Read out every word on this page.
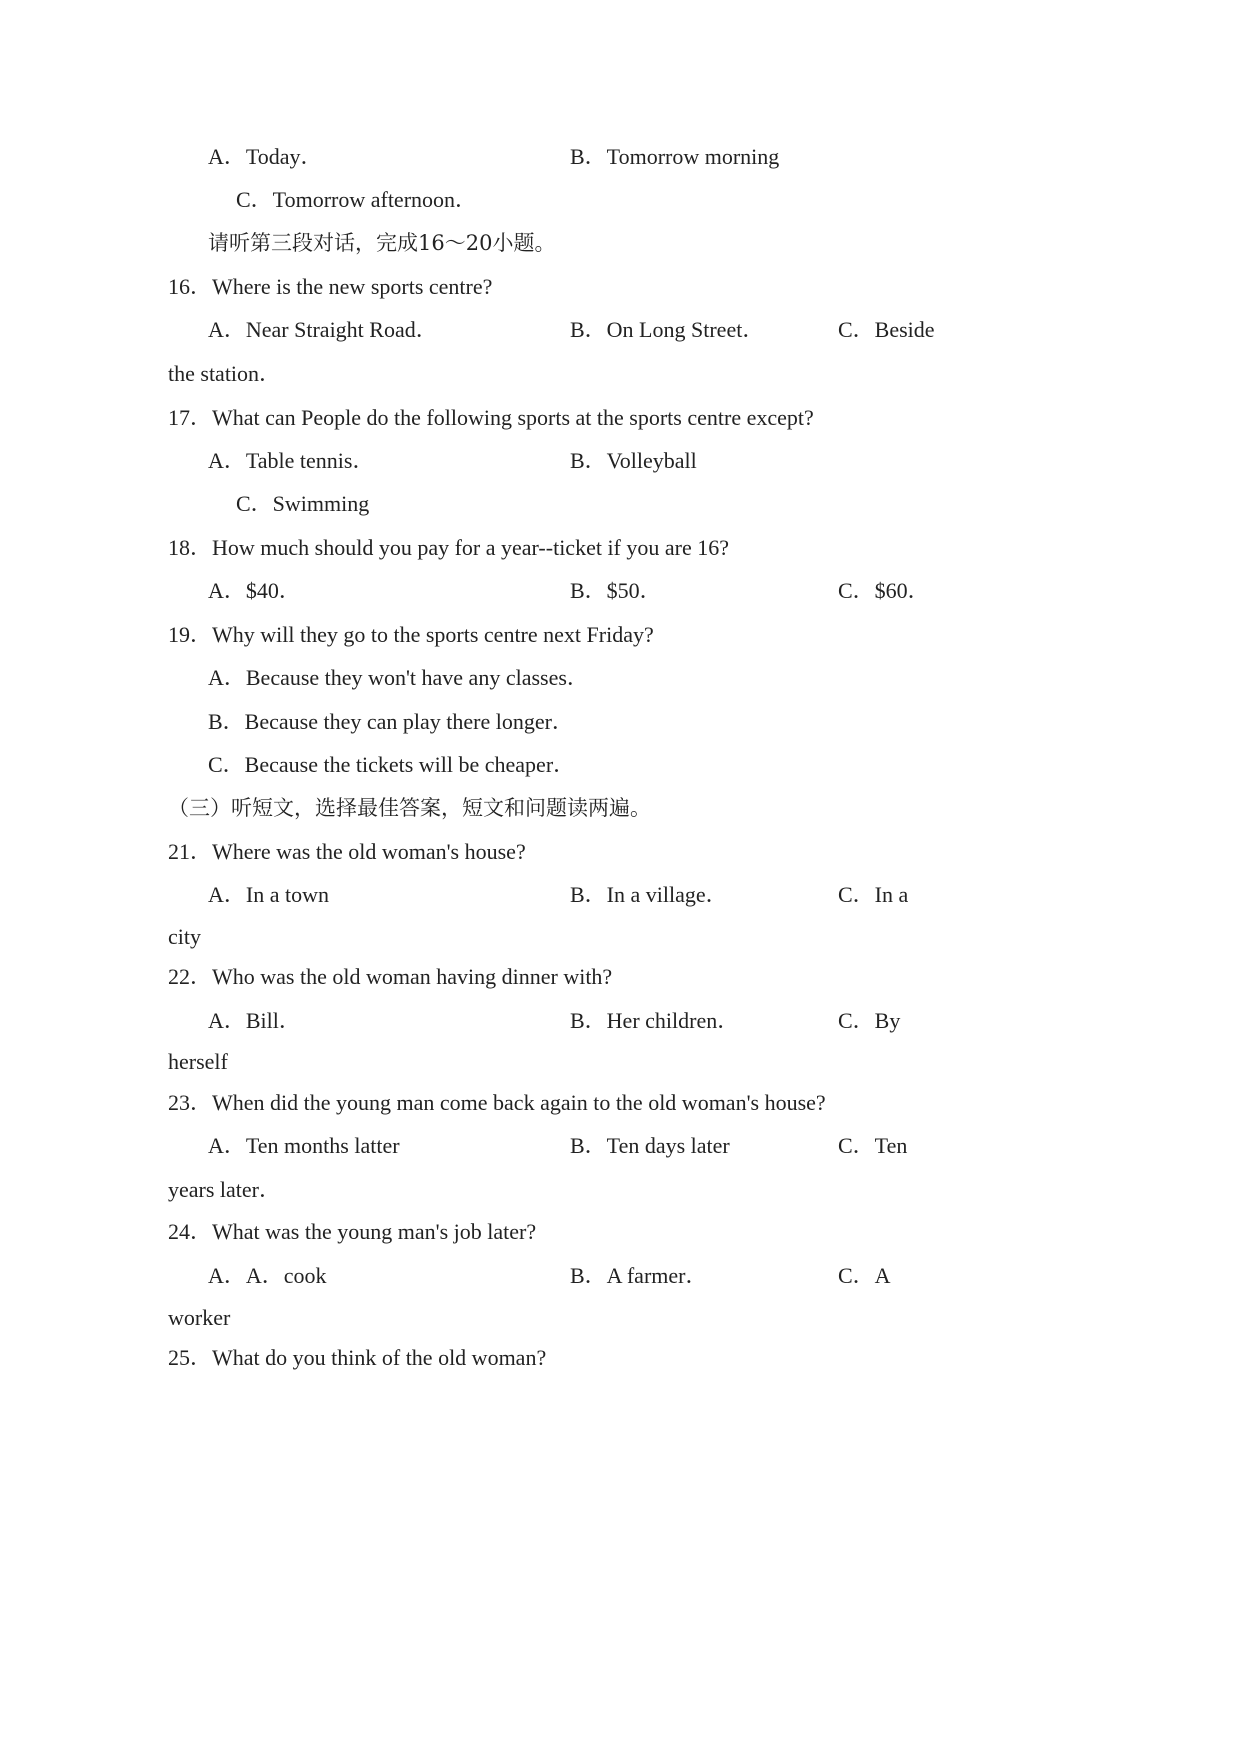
A．Today．	B．Tomorrow morning
C．Tomorrow afternoon．
请听第三段对话，完成16～20小题。
16．Where is the new sports centre?
A．Near Straight Road．	B．On Long Street．	C．Beside
the station．
17．What can People do the following sports at the sports centre except?
A．Table tennis．	B．Volleyball
C．Swimming
18．How much should you pay for a year--ticket if you are 16?
A．$40．	B．$50．	C．$60．
19．Why will they go to the sports centre next Friday?
A．Because they won't have any classes．
B．Because they can play there longer．
C．Because the tickets will be cheaper．
（三）听短文，选择最佳答案，短文和问题读两遍。
21．Where was the old woman's house?
A．In a town	B．In a village．	C．In a
city
22．Who was the old woman having dinner with?
A．Bill．	B．Her children．	C．By
herself
23．When did the young man come back again to the old woman's house?
A．Ten months latter	B．Ten days later	C．Ten
years later．
24．What was the young man's job later?
A．A．cook	B．A farmer．	C．A
worker
25．What do you think of the old woman?
